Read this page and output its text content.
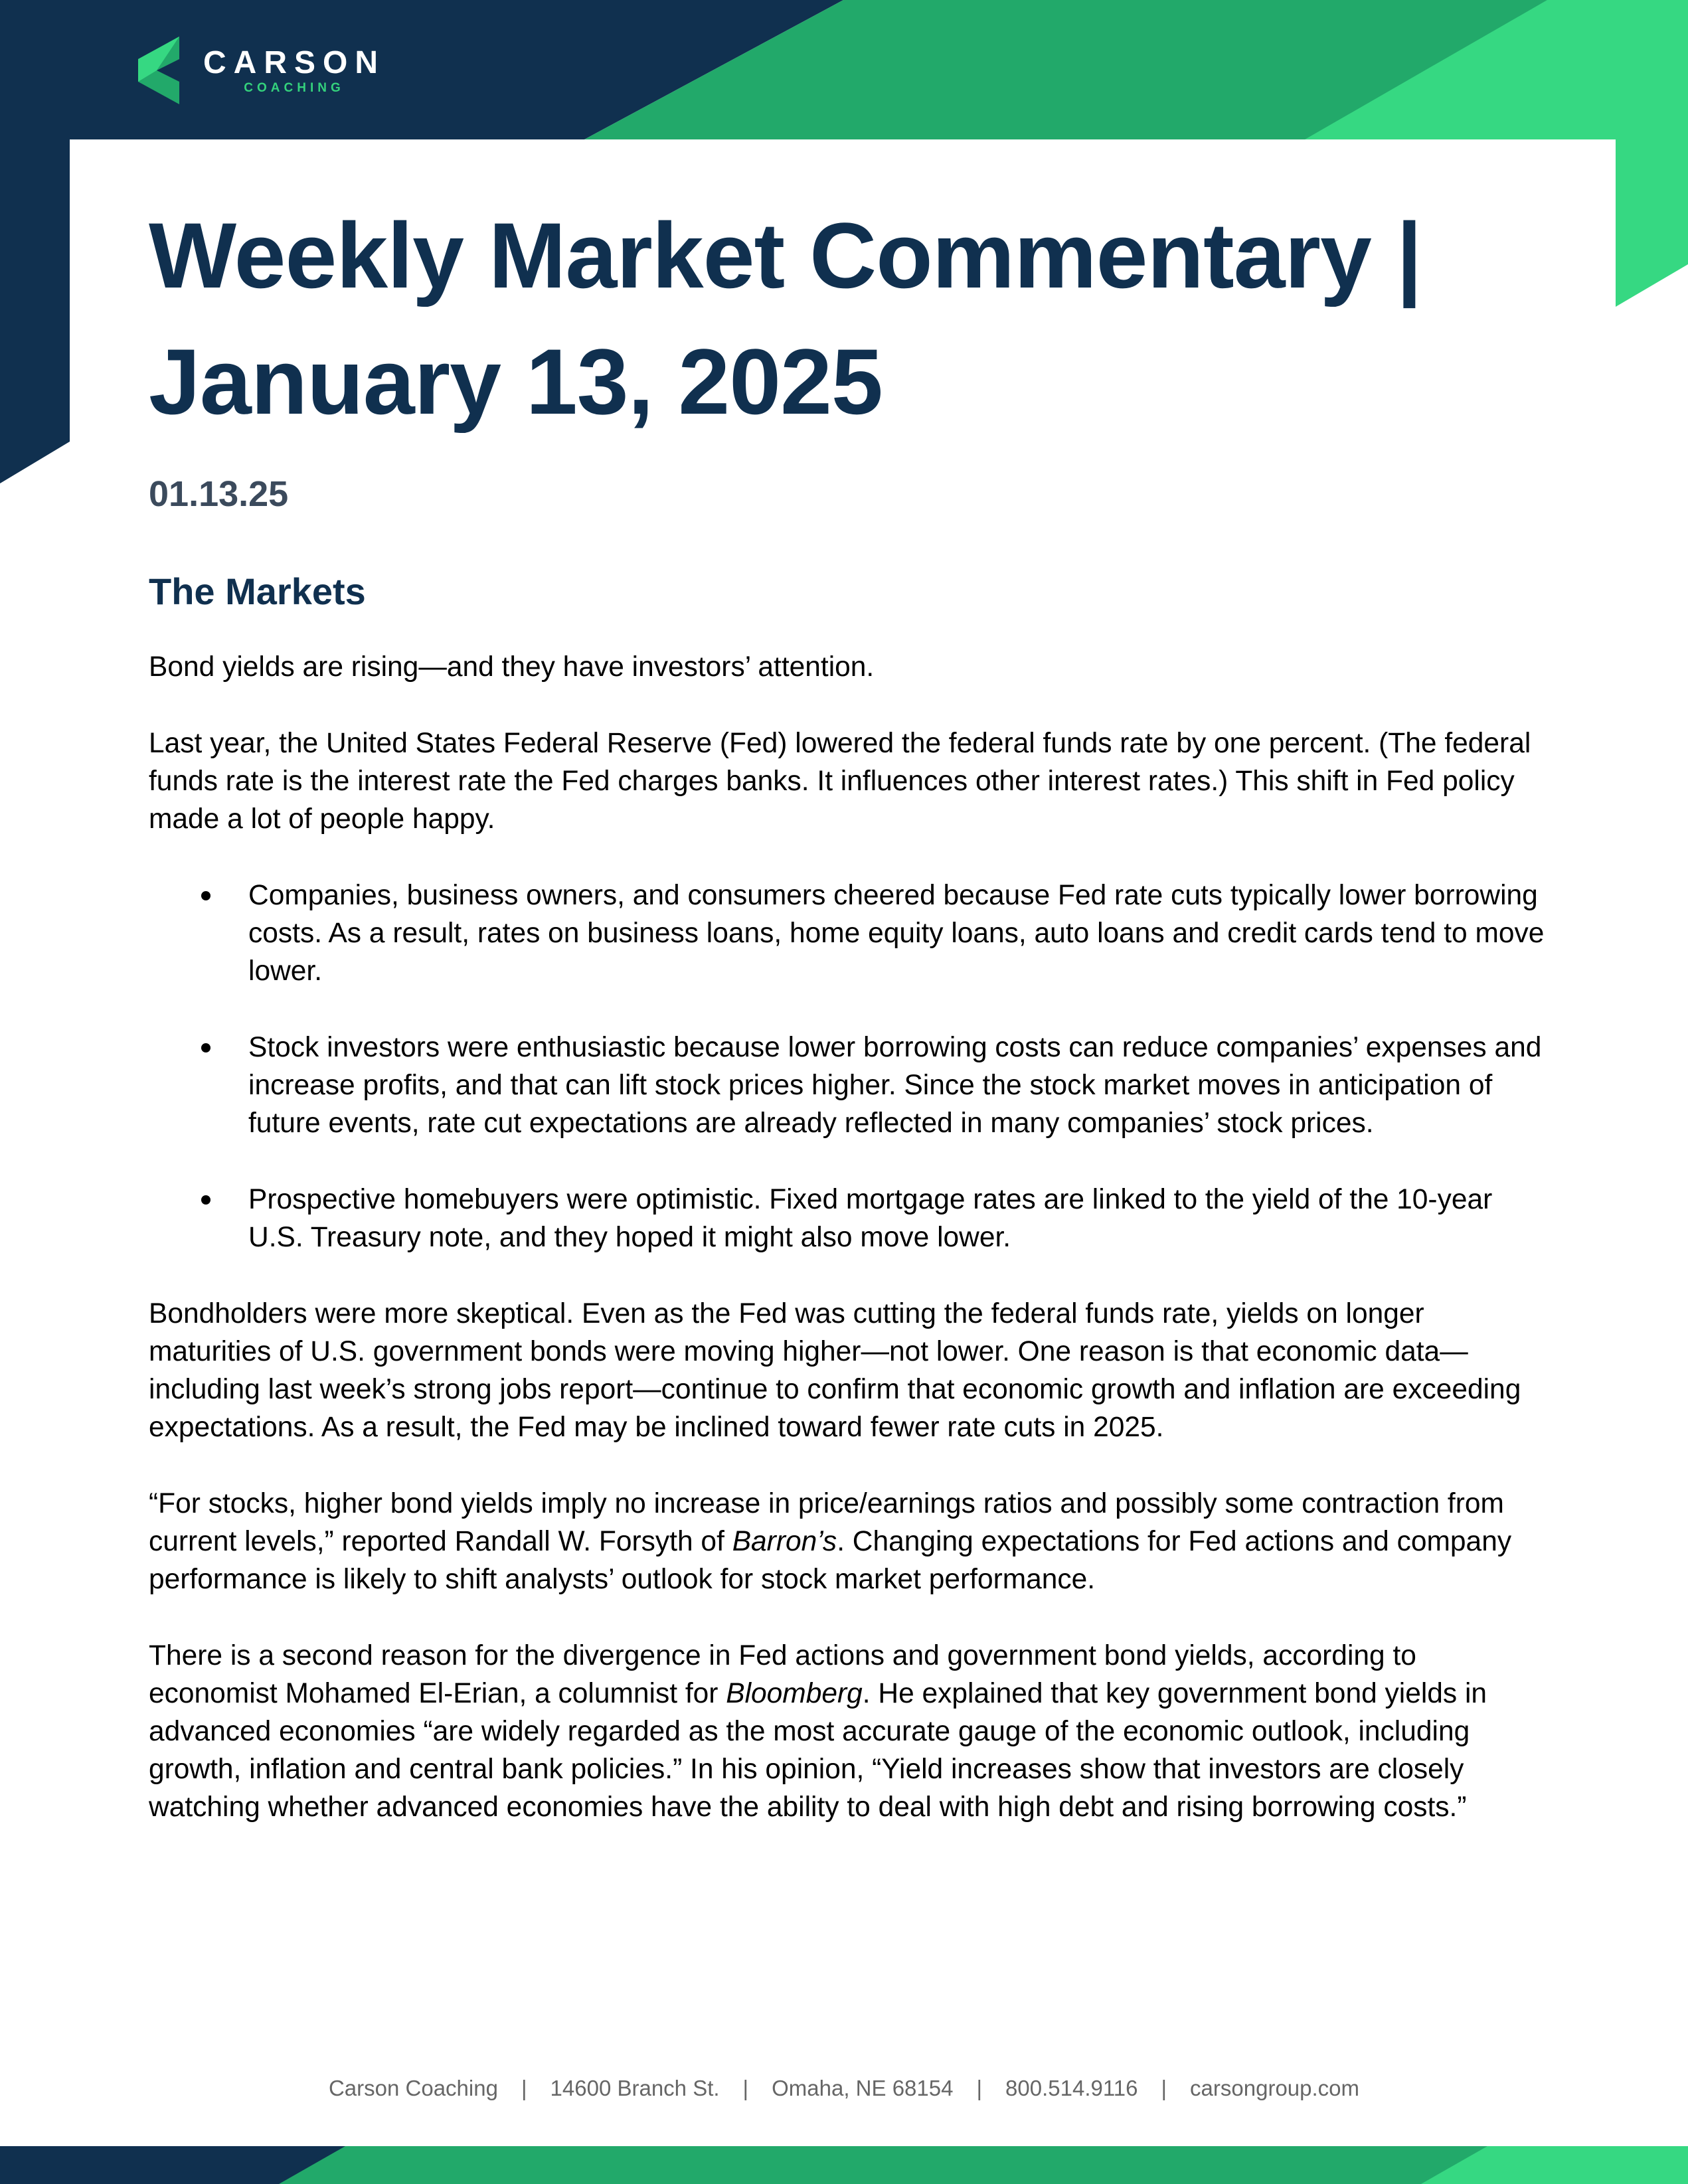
CARSON
COACHING
Weekly Market Commentary | January 13, 2025
01.13.25
The Markets

Bond yields are rising—and they have investors’ attention.

Last year, the United States Federal Reserve (Fed) lowered the federal funds rate by one percent. (The federal funds rate is the interest rate the Fed charges banks. It influences other interest rates.) This shift in Fed policy made a lot of people happy.

Companies, business owners, and consumers cheered because Fed rate cuts typically lower borrowing costs. As a result, rates on business loans, home equity loans, auto loans and credit cards tend to move lower.
Stock investors were enthusiastic because lower borrowing costs can reduce companies’ expenses and increase profits, and that can lift stock prices higher. Since the stock market moves in anticipation of future events, rate cut expectations are already reflected in many companies’ stock prices.
Prospective homebuyers were optimistic. Fixed mortgage rates are linked to the yield of the 10-year U.S. Treasury note, and they hoped it might also move lower.

Bondholders were more skeptical. Even as the Fed was cutting the federal funds rate, yields on longer maturities of U.S. government bonds were moving higher—not lower. One reason is that economic data—including last week’s strong jobs report—continue to confirm that economic growth and inflation are exceeding expectations. As a result, the Fed may be inclined toward fewer rate cuts in 2025.

“For stocks, higher bond yields imply no increase in price/earnings ratios and possibly some contraction from current levels,” reported Randall W. Forsyth of Barron’s. Changing expectations for Fed actions and company performance is likely to shift analysts’ outlook for stock market performance.

There is a second reason for the divergence in Fed actions and government bond yields, according to economist Mohamed El-Erian, a columnist for Bloomberg. He explained that key government bond yields in advanced economies “are widely regarded as the most accurate gauge of the economic outlook, including growth, inflation and central bank policies.” In his opinion, “Yield increases show that investors are closely watching whether advanced economies have the ability to deal with high debt and rising borrowing costs.”

Carson Coaching | 14600 Branch St. | Omaha, NE 68154 | 800.514.9116 | carsongroup.com
